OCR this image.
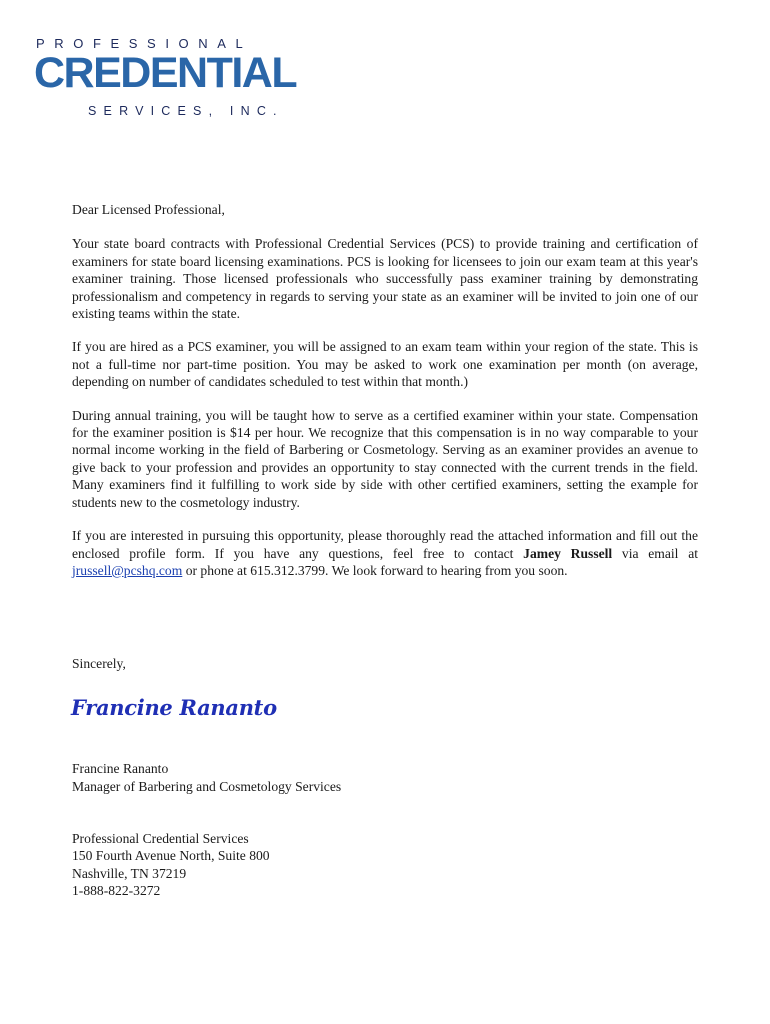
PROFESSIONAL
CREDENTIAL
SERVICES, INC.

Dear Licensed Professional,

Your state board contracts with Professional Credential Services (PCS) to provide training and certification of examiners for state board licensing examinations. PCS is looking for licensees to join our exam team at this year's examiner training. Those licensed professionals who successfully pass examiner training by demonstrating professionalism and competency in regards to serving your state as an examiner will be invited to join one of our existing teams within the state.

If you are hired as a PCS examiner, you will be assigned to an exam team within your region of the state. This is not a full-time nor part-time position. You may be asked to work one examination per month (on average, depending on number of candidates scheduled to test within that month.)

During annual training, you will be taught how to serve as a certified examiner within your state. Compensation for the examiner position is $14 per hour. We recognize that this compensation is in no way comparable to your normal income working in the field of Barbering or Cosmetology. Serving as an examiner provides an avenue to give back to your profession and provides an opportunity to stay connected with the current trends in the field. Many examiners find it fulfilling to work side by side with other certified examiners, setting the example for students new to the cosmetology industry.

If you are interested in pursuing this opportunity, please thoroughly read the attached information and fill out the enclosed profile form. If you have any questions, feel free to contact Jamey Russell via email at jrussell@pcshq.com or phone at 615.312.3799. We look forward to hearing from you soon.

Sincerely,
Francine Rananto
Francine Rananto
Manager of Barbering and Cosmetology Services
Professional Credential Services
150 Fourth Avenue North, Suite 800
Nashville, TN 37219
1-888-822-3272
